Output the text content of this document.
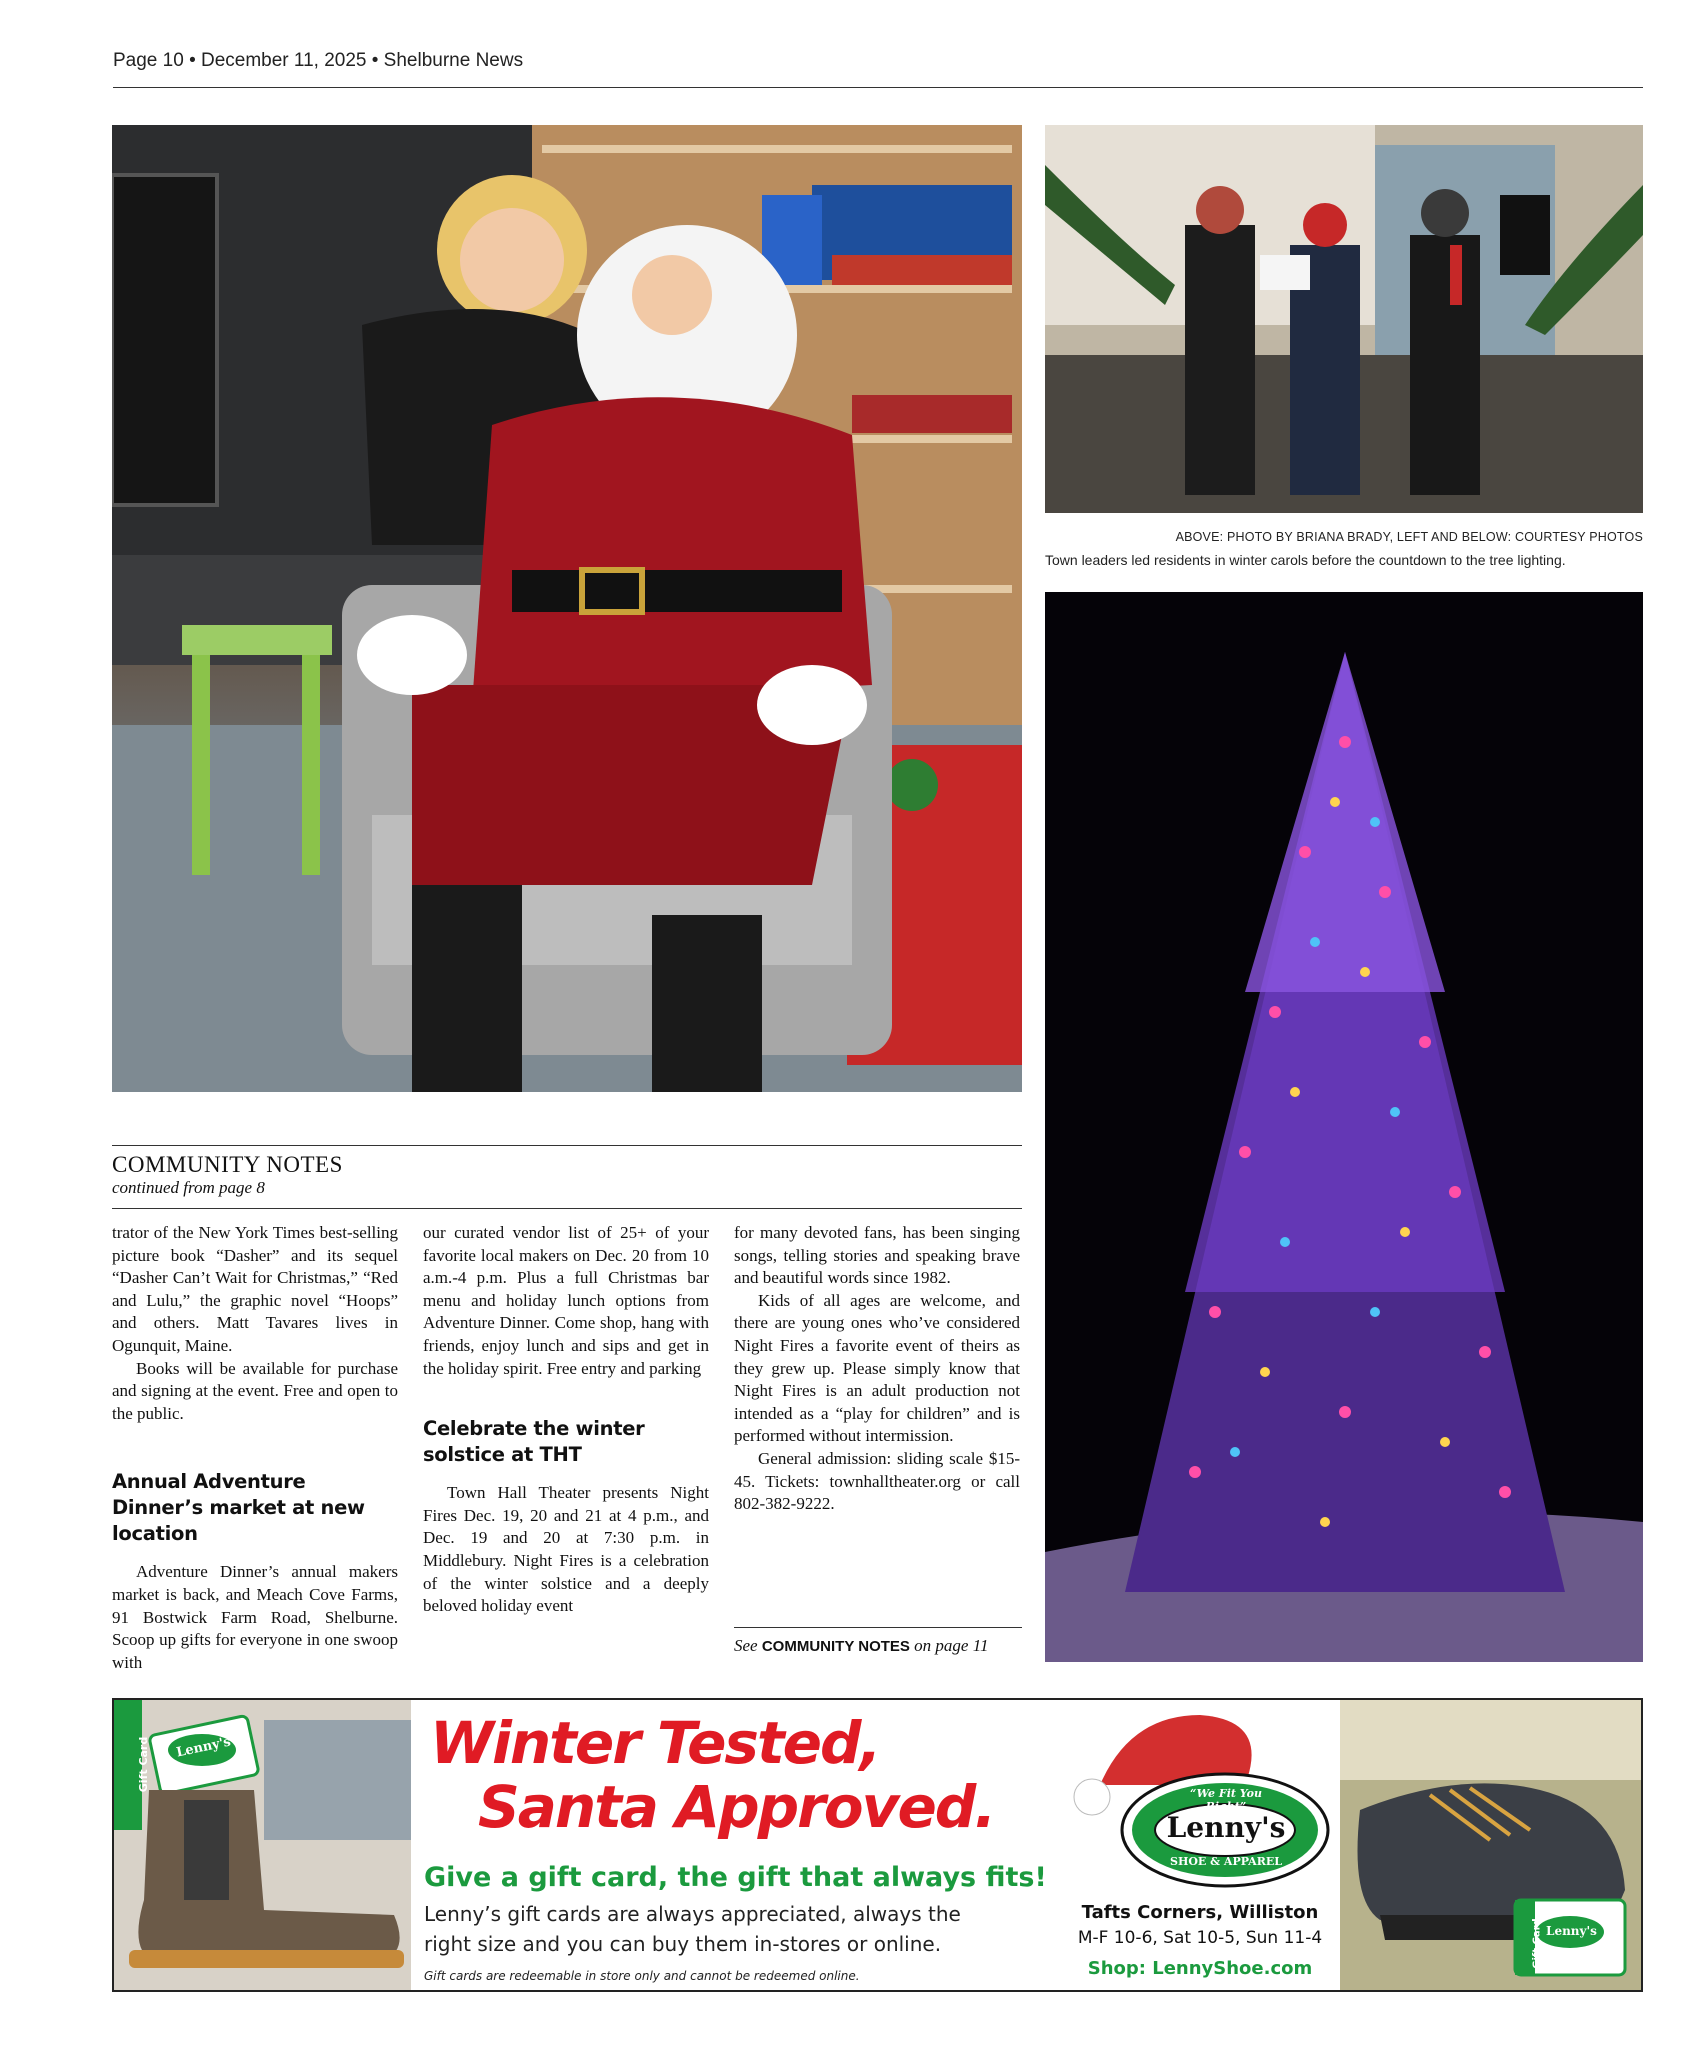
Page 10 • December 11, 2025 • Shelburne News
ABOVE: PHOTO BY BRIANA BRADY, LEFT AND BELOW: COURTESY PHOTOS
Town leaders led residents in winter carols before the countdown to the tree lighting.
COMMUNITY NOTES
continued from page 8

trator of the New York Times best-selling picture book “Dasher” and its sequel “Dasher Can’t Wait for Christmas,” “Red and Lulu,” the graphic novel “Hoops” and others. Matt Tavares lives in Ogunquit, Maine.

Books will be available for purchase and signing at the event. Free and open to the public.

Annual Adventure Dinner’s market at new location

Adventure Dinner’s annual makers market is back, and Meach Cove Farms, 91 Bostwick Farm Road, Shelburne. Scoop up gifts for everyone in one swoop with

our curated vendor list of 25+ of your favorite local makers on Dec. 20 from 10 a.m.-4 p.m. Plus a full Christmas bar menu and holiday lunch options from Adventure Dinner. Come shop, hang with friends, enjoy lunch and sips and get in the holiday spirit. Free entry and parking

Celebrate the winter solstice at THT

Town Hall Theater presents Night Fires Dec. 19, 20 and 21 at 4 p.m., and Dec. 19 and 20 at 7:30 p.m. in Middlebury. Night Fires is a celebration of the winter solstice and a deeply beloved holiday event

for many devoted fans, has been singing songs, telling stories and speaking brave and beautiful words since 1982.

Kids of all ages are welcome, and there are young ones who’ve considered Night Fires a favorite event of theirs as they grew up. Please simply know that Night Fires is an adult production not intended as a “play for children” and is performed without intermission.

General admission: sliding scale $15-45. Tickets: townhalltheater.org or call 802-382-9222.

See COMMUNITY NOTES on page 11
Gift Card Lenny's	Winter Tested,
Santa Approved.
Give a gift card, the gift that always fits!
Lenny’s gift cards are always appreciated, always the
right size and you can buy them in-stores or online.
Gift cards are redeemable in store only and cannot be redeemed online.
“We Fit You Right”
Lenny's
SHOE & APPAREL
Tafts Corners, Williston
M-F 10-6, Sat 10-5, Sun 11-4
Shop: LennyShoe.com	Gift Card Lenny's
